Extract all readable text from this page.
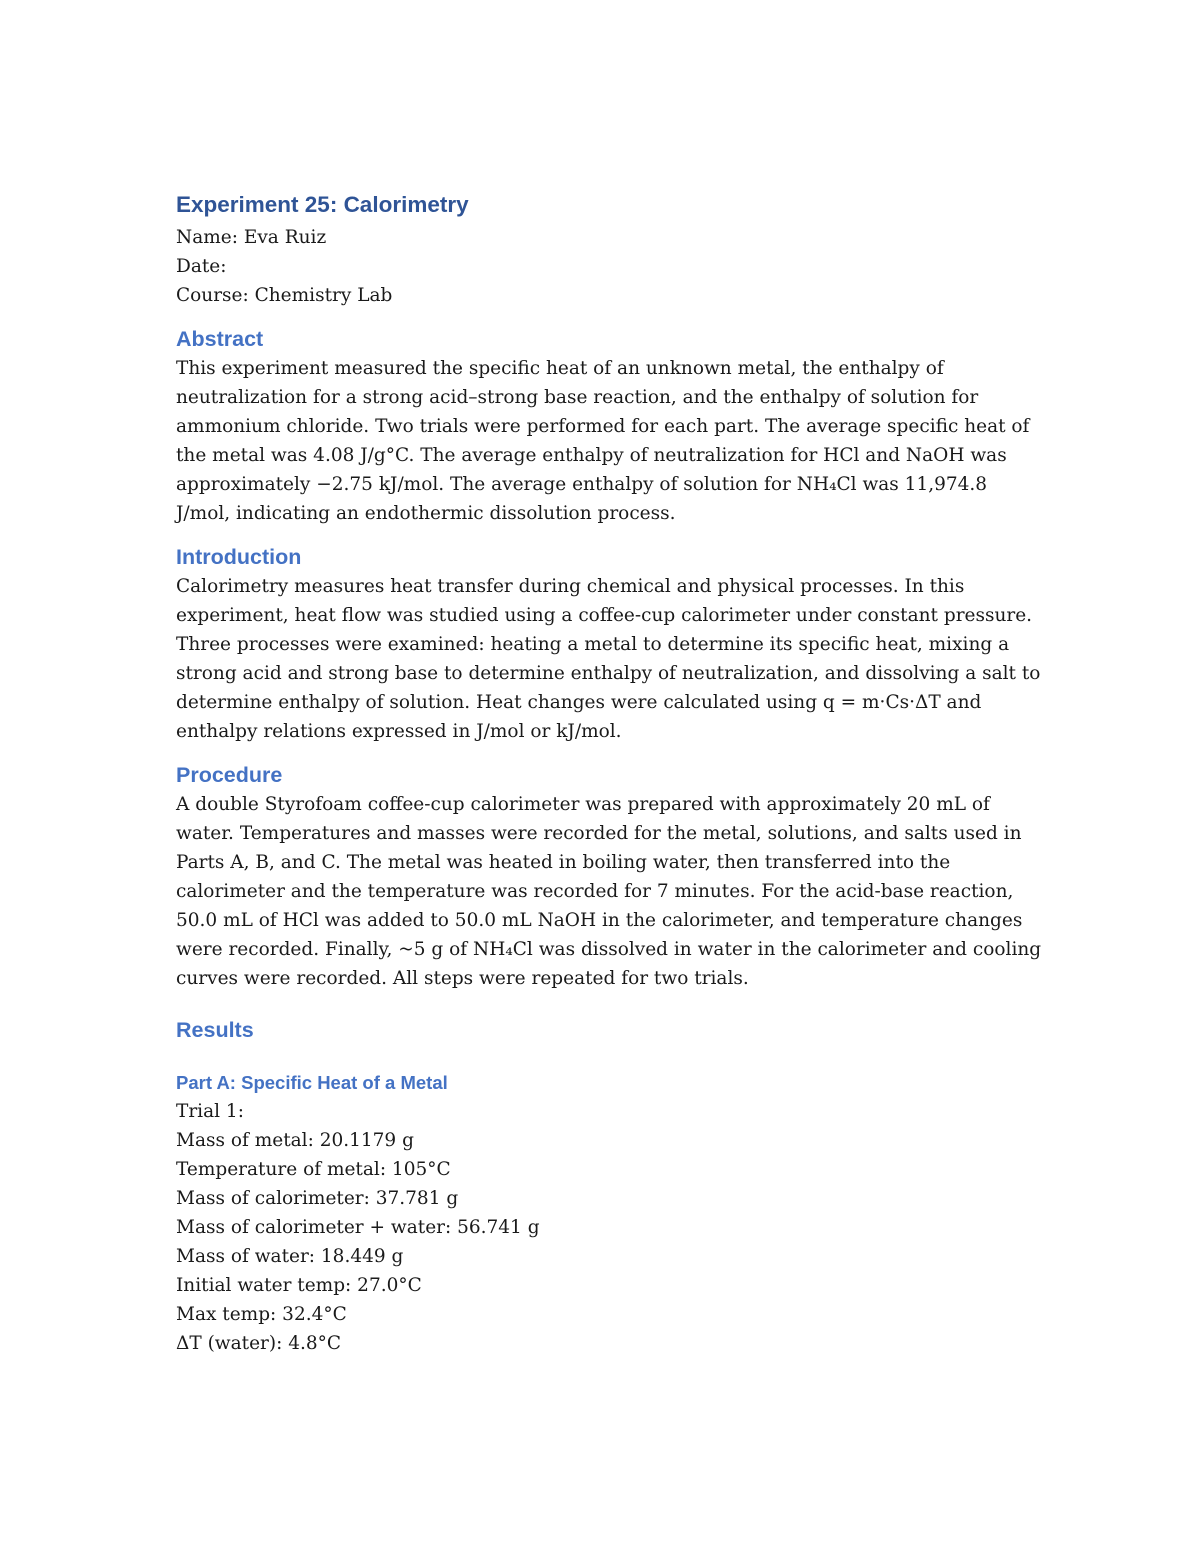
Experiment 25: Calorimetry

Name: Eva Ruiz

Date:

Course: Chemistry Lab

Abstract

This experiment measured the specific heat of an unknown metal, the enthalpy of
neutralization for a strong acid–strong base reaction, and the enthalpy of solution for
ammonium chloride. Two trials were performed for each part. The average specific heat of
the metal was 4.08 J/g°C. The average enthalpy of neutralization for HCl and NaOH was
approximately −2.75 kJ/mol. The average enthalpy of solution for NH₄Cl was 11,974.8
J/mol, indicating an endothermic dissolution process.

Introduction

Calorimetry measures heat transfer during chemical and physical processes. In this
experiment, heat flow was studied using a coffee-cup calorimeter under constant pressure.
Three processes were examined: heating a metal to determine its specific heat, mixing a
strong acid and strong base to determine enthalpy of neutralization, and dissolving a salt to
determine enthalpy of solution. Heat changes were calculated using q = m·Cs·ΔT and
enthalpy relations expressed in J/mol or kJ/mol.

Procedure

A double Styrofoam coffee-cup calorimeter was prepared with approximately 20 mL of
water. Temperatures and masses were recorded for the metal, solutions, and salts used in
Parts A, B, and C. The metal was heated in boiling water, then transferred into the
calorimeter and the temperature was recorded for 7 minutes. For the acid-base reaction,
50.0 mL of HCl was added to 50.0 mL NaOH in the calorimeter, and temperature changes
were recorded. Finally, ~5 g of NH₄Cl was dissolved in water in the calorimeter and cooling
curves were recorded. All steps were repeated for two trials.

Results
Part A: Specific Heat of a Metal

Trial 1:

Mass of metal: 20.1179 g

Temperature of metal: 105°C

Mass of calorimeter: 37.781 g

Mass of calorimeter + water: 56.741 g

Mass of water: 18.449 g

Initial water temp: 27.0°C

Max temp: 32.4°C

ΔT (water): 4.8°C
